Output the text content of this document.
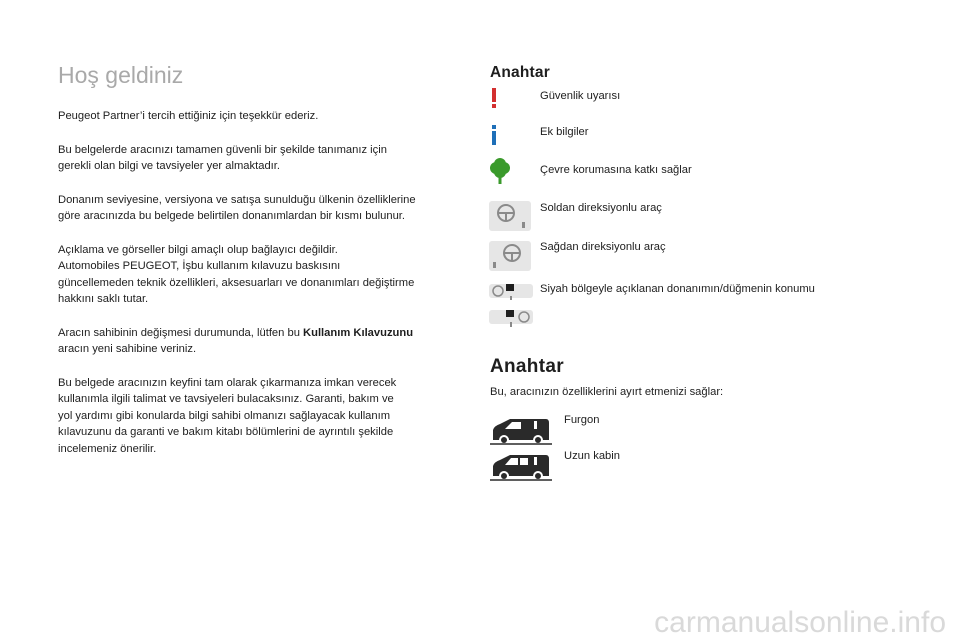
Hoş geldiniz

Peugeot Partner’i tercih ettiğiniz için teşekkür ederiz.

Bu belgelerde aracınızı tamamen güvenli bir şekilde tanımanız için
gerekli olan bilgi ve tavsiyeler yer almaktadır.

Donanım seviyesine, versiyona ve satışa sunulduğu ülkenin özelliklerine
göre aracınızda bu belgede belirtilen donanımlardan bir kısmı bulunur.

Açıklama ve görseller bilgi amaçlı olup bağlayıcı değildir.
Automobiles PEUGEOT, İşbu kullanım kılavuzu baskısını
güncellemeden teknik özellikleri, aksesuarları ve donanımları değiştirme
hakkını saklı tutar.

Aracın sahibinin değişmesi durumunda, lütfen bu Kullanım Kılavuzunu
aracın yeni sahibine veriniz.

Bu belgede aracınızın keyfini tam olarak çıkarmanıza imkan verecek
kullanımla ilgili talimat ve tavsiyeleri bulacaksınız. Garanti, bakım ve
yol yardımı gibi konularda bilgi sahibi olmanızı sağlayacak kullanım
kılavuzunu da garanti ve bakım kitabı bölümlerini de ayrıntılı şekilde
incelemeniz önerilir.

Anahtar
Güvenlik uyarısı
Ek bilgiler
Çevre korumasına katkı sağlar
Soldan direksiyonlu araç
Sağdan direksiyonlu araç
Siyah bölgeyle açıklanan donanımın/düğmenin konumu
Anahtar
Bu, aracınızın özelliklerini ayırt etmenizi sağlar:
Furgon
Uzun kabin
carmanualsonline.info
